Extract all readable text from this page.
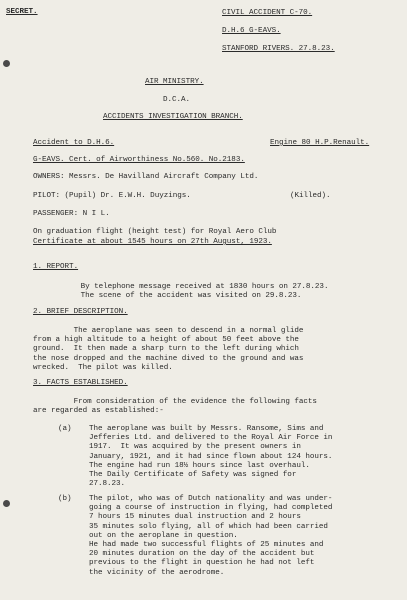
SECRET.	CIVIL ACCIDENT C-70.
D.H.6 G-EAVS.
STANFORD RIVERS. 27.8.23.
AIR MINISTRY.
D.C.A.
ACCIDENTS INVESTIGATION BRANCH.
Accident to D.H.6.	Engine 80 H.P.Renault.
G-EAVS. Cert. of Airworthiness No.560. No.2183.
OWNERS: Messrs. De Havilland Aircraft Company Ltd.
PILOT: (Pupil) Dr. E.W.H. Duyzings.	(Killed).
PASSENGER: N I L.
On graduation flight (height test) for Royal Aero Club
Certificate at about 1545 hours on 27th August, 1923.
1. REPORT.
By telephone message received at 1830 hours on 27.8.23.
The scene of the accident was visited on 29.8.23.
2. BRIEF DESCRIPTION.
The aeroplane was seen to descend in a normal glide
from a high altitude to a height of about 50 feet above the
ground.  It then made a sharp turn to the left during which
the nose dropped and the machine dived to the ground and was
wrecked.  The pilot was killed.
3. FACTS ESTABLISHED.
From consideration of the evidence the following facts
are regarded as established:-
(a) The aeroplane was built by Messrs. Ransome, Sims and
Jefferies Ltd. and delivered to the Royal Air Force in
1917.  It was acquired by the present owners in
January, 1921, and it had since flown about 124 hours.
The engine had run 18½ hours since last overhaul.
The Daily Certificate of Safety was signed for
27.8.23.
(b) The pilot, who was of Dutch nationality and was under-
going a course of instruction in flying, had completed
7 hours 15 minutes dual instruction and 2 hours
35 minutes solo flying, all of which had been carried
out on the aeroplane in question.
He had made two successful flights of 25 minutes and
20 minutes duration on the day of the accident but
previous to the flight in question he had not left
the vicinity of the aerodrome.
